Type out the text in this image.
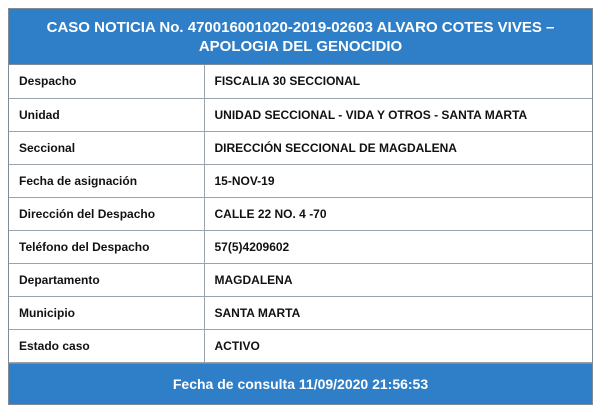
CASO NOTICIA No. 470016001020-2019-02603 ALVARO COTES VIVES – APOLOGIA DEL GENOCIDIO
Despacho	FISCALIA 30 SECCIONAL
Unidad	UNIDAD SECCIONAL - VIDA Y OTROS - SANTA MARTA
Seccional	DIRECCIÓN SECCIONAL DE MAGDALENA
Fecha de asignación	15-NOV-19
Dirección del Despacho	CALLE 22 NO. 4 -70
Teléfono del Despacho	57(5)4209602
Departamento	MAGDALENA
Municipio	SANTA MARTA
Estado caso	ACTIVO
Fecha de consulta 11/09/2020 21:56:53
